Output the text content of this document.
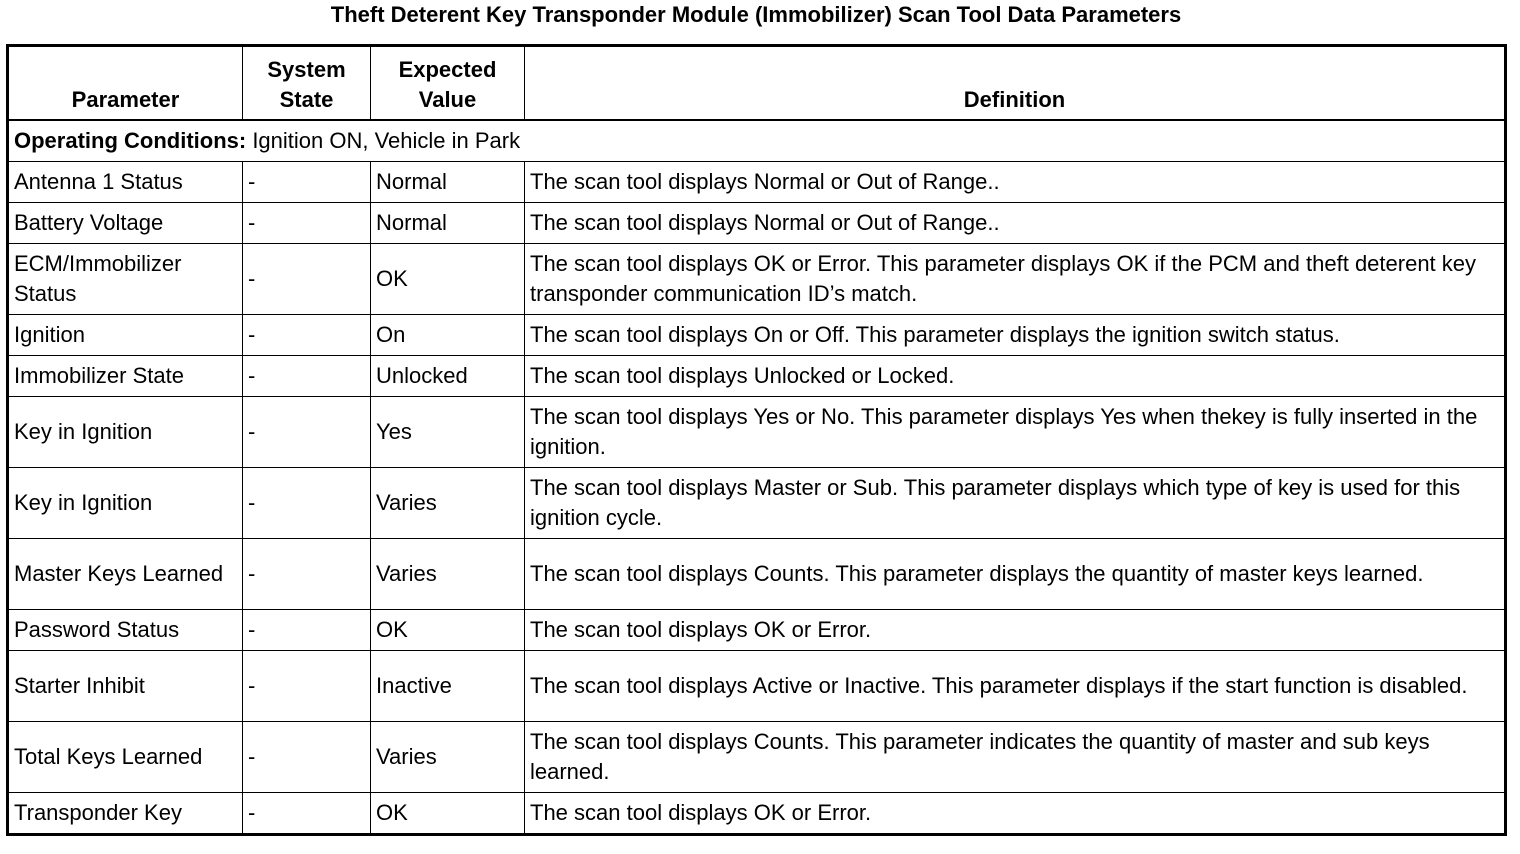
Theft Deterent Key Transponder Module (Immobilizer) Scan Tool Data Parameters
Parameter	System State	Expected Value	Definition
Operating Conditions: Ignition ON, Vehicle in Park			
Antenna 1 Status	-	Normal	The scan tool displays Normal or Out of Range..
Battery Voltage	-	Normal	The scan tool displays Normal or Out of Range..
ECM/Immobilizer Status	-	OK	The scan tool displays OK or Error. This parameter displays OK if the PCM and theft deterent key transponder communication ID’s match.
Ignition	-	On	The scan tool displays On or Off. This parameter displays the ignition switch status.
Immobilizer State	-	Unlocked	The scan tool displays Unlocked or Locked.
Key in Ignition	-	Yes	The scan tool displays Yes or No. This parameter displays Yes when thekey is fully inserted in the ignition.
Key in Ignition	-	Varies	The scan tool displays Master or Sub. This parameter displays which type of key is used for this ignition cycle.
Master Keys Learned	-	Varies	The scan tool displays Counts. This parameter displays the quantity of master keys learned.
Password Status	-	OK	The scan tool displays OK or Error.
Starter Inhibit	-	Inactive	The scan tool displays Active or Inactive. This parameter displays if the start function is disabled.
Total Keys Learned	-	Varies	The scan tool displays Counts. This parameter indicates the quantity of master and sub keys learned.
Transponder Key	-	OK	The scan tool displays OK or Error.
